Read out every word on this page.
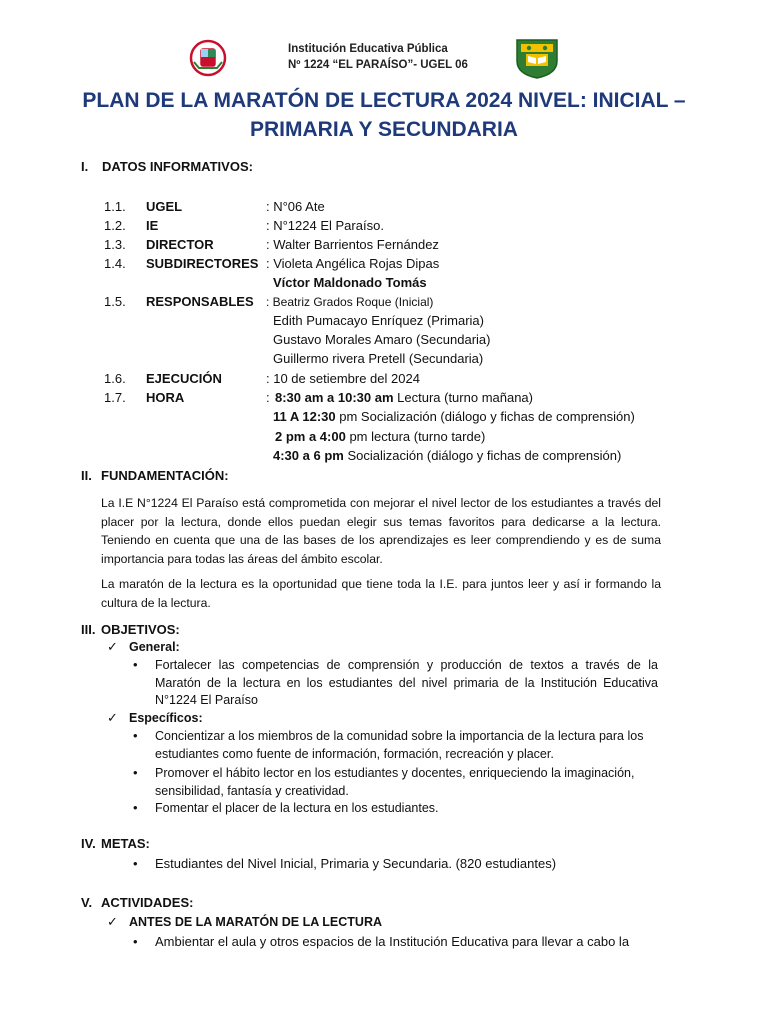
Institución Educativa Pública
Nº 1224 “EL PARAÍSO”- UGEL 06
PLAN DE LA MARATÓN DE LECTURA 2024 NIVEL: INICIAL –
PRIMARIA Y SECUNDARIA
I. DATOS INFORMATIVOS:
1.1. UGEL	: N°06 Ate
1.2. IE	: N°1224 El Paraíso.
1.3. DIRECTOR	: Walter Barrientos Fernández
1.4. SUBDIRECTORES : Violeta Angélica Rojas Dipas
Víctor Maldonado Tomás
1.5. RESPONSABLES : Beatriz Grados Roque (Inicial)
Edith Pumacayo Enríquez (Primaria)
Gustavo Morales Amaro (Secundaria)
Guillermo rivera Pretell (Secundaria)
1.6. EJECUCIÓN	: 10 de setiembre del 2024
1.7. HORA	: 8:30 am a 10:30 am Lectura (turno mañana)
11 A 12:30 pm Socialización (diálogo y fichas de comprensión)
2 pm a 4:00 pm lectura (turno tarde)
4:30 a 6 pm Socialización (diálogo y fichas de comprensión)
II. FUNDAMENTACIÓN:
La I.E N°1224 El Paraíso está comprometida con mejorar el nivel lector de los estudiantes a través del placer por la lectura, donde ellos puedan elegir sus temas favoritos para dedicarse a la lectura. Teniendo en cuenta que una de las bases de los aprendizajes es leer comprendiendo y es de suma importancia para todas las áreas del ámbito escolar.
La maratón de la lectura es la oportunidad que tiene toda la I.E. para juntos leer y así ir formando la cultura de la lectura.
III. OBJETIVOS:
✓ General:
• Fortalecer las competencias de comprensión y producción de textos a través de la Maratón de la lectura en los estudiantes del nivel primaria de la Institución Educativa N°1224 El Paraíso
✓ Específicos:
• Concientizar a los miembros de la comunidad sobre la importancia de la lectura para los estudiantes como fuente de información, formación, recreación y placer.
• Promover el hábito lector en los estudiantes y docentes, enriqueciendo la imaginación, sensibilidad, fantasía y creatividad.
• Fomentar el placer de la lectura en los estudiantes.
IV. METAS:
• Estudiantes del Nivel Inicial, Primaria y Secundaria. (820 estudiantes)
V. ACTIVIDADES:
✓ ANTES DE LA MARATÓN DE LA LECTURA
• Ambientar el aula y otros espacios de la Institución Educativa para llevar a cabo la
